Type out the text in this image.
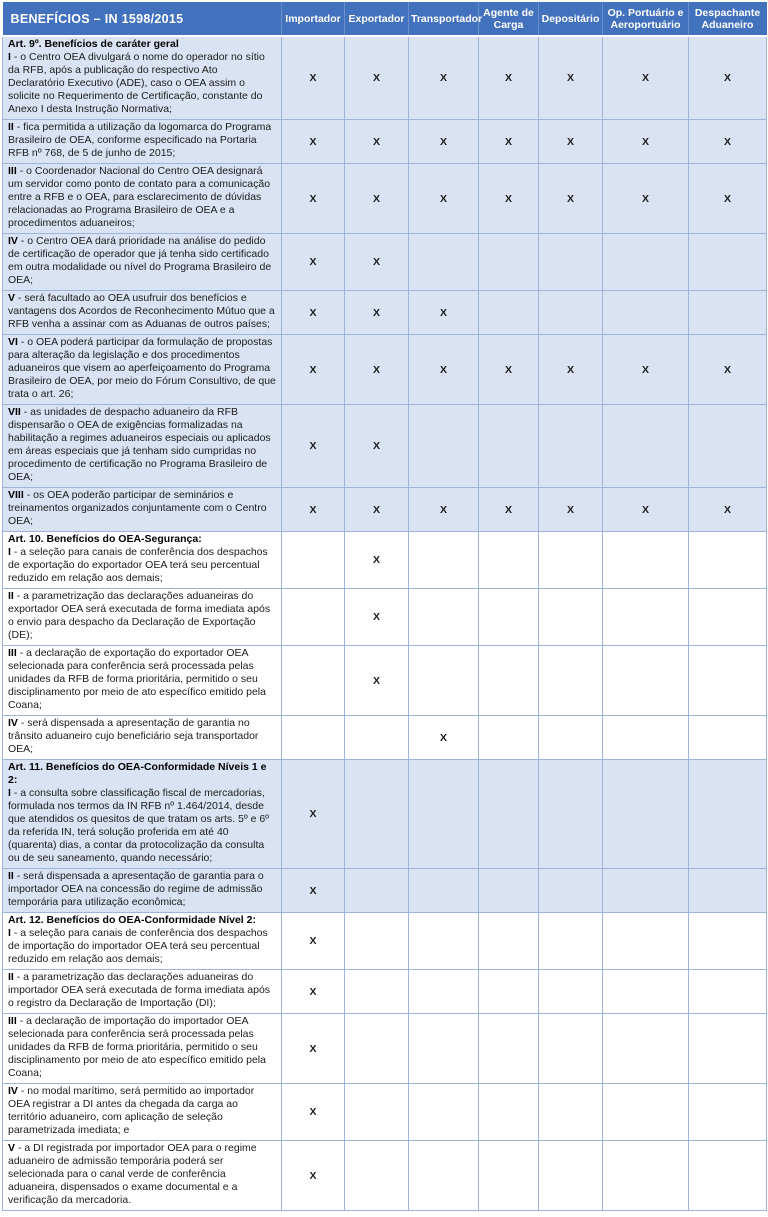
BENEFÍCIOS – IN 1598/2015	Importador	Exportador	Transportador	Agente de Carga	Depositário	Op. Portuário e Aeroportuário	Despachante Aduaneiro

Art. 9º. Benefícios de caráter geral
I - o Centro OEA divulgará o nome do operador no sítio da RFB, após a publicação do respectivo Ato Declaratório Executivo (ADE), caso o OEA assim o solicite no Requerimento de Certificação, constante do Anexo I desta Instrução Normativa;	X	X	X	X	X	X	X

II - fica permitida a utilização da logomarca do Programa Brasileiro de OEA, conforme especificado na Portaria RFB nº 768, de 5 de junho de 2015;	X	X	X	X	X	X	X

III - o Coordenador Nacional do Centro OEA designará um servidor como ponto de contato para a comunicação entre a RFB e o OEA, para esclarecimento de dúvidas relacionadas ao Programa Brasileiro de OEA e a procedimentos aduaneiros;	X	X	X	X	X	X	X

IV - o Centro OEA dará prioridade na análise do pedido de certificação de operador que já tenha sido certificado em outra modalidade ou nível do Programa Brasileiro de OEA;	X	X					

V - será facultado ao OEA usufruir dos benefícios e vantagens dos Acordos de Reconhecimento Mútuo que a RFB venha a assinar com as Aduanas de outros países;	X	X	X				

VI - o OEA poderá participar da formulação de propostas para alteração da legislação e dos procedimentos aduaneiros que visem ao aperfeiçoamento do Programa Brasileiro de OEA, por meio do Fórum Consultivo, de que trata o art. 26;	X	X	X	X	X	X	X

VII - as unidades de despacho aduaneiro da RFB dispensarão o OEA de exigências formalizadas na habilitação a regimes aduaneiros especiais ou aplicados em áreas especiais que já tenham sido cumpridas no procedimento de certificação no Programa Brasileiro de OEA;	X	X					

VIII - os OEA poderão participar de seminários e treinamentos organizados conjuntamente com o Centro OEA;	X	X	X	X	X	X	X

Art. 10. Benefícios do OEA-Segurança:
I - a seleção para canais de conferência dos despachos de exportação do exportador OEA terá seu percentual reduzido em relação aos demais;		X					

II - a parametrização das declarações aduaneiras do exportador OEA será executada de forma imediata após o envio para despacho da Declaração de Exportação (DE);		X					

III - a declaração de exportação do exportador OEA selecionada para conferência será processada pelas unidades da RFB de forma prioritária, permitido o seu disciplinamento por meio de ato específico emitido pela Coana;		X					

IV - será dispensada a apresentação de garantia no trânsito aduaneiro cujo beneficiário seja transportador OEA;			X				

Art. 11. Benefícios do OEA-Conformidade Níveis 1 e 2:
I - a consulta sobre classificação fiscal de mercadorias, formulada nos termos da IN RFB nº 1.464/2014, desde que atendidos os quesitos de que tratam os arts. 5º e 6º da referida IN, terá solução proferida em até 40 (quarenta) dias, a contar da protocolização da consulta ou de seu saneamento, quando necessário;	X						

II - será dispensada a apresentação de garantia para o importador OEA na concessão do regime de admissão temporária para utilização econômica;	X						

Art. 12. Benefícios do OEA-Conformidade Nível 2:
I - a seleção para canais de conferência dos despachos de importação do importador OEA terá seu percentual reduzido em relação aos demais;	X						

II - a parametrização das declarações aduaneiras do importador OEA será executada de forma imediata após o registro da Declaração de Importação (DI);	X						

III - a declaração de importação do importador OEA selecionada para conferência será processada pelas unidades da RFB de forma prioritária, permitido o seu disciplinamento por meio de ato específico emitido pela Coana;	X						

IV - no modal marítimo, será permitido ao importador OEA registrar a DI antes da chegada da carga ao território aduaneiro, com aplicação de seleção parametrizada imediata; e	X						

V - a DI registrada por importador OEA para o regime aduaneiro de admissão temporária poderá ser selecionada para o canal verde de conferência aduaneira, dispensados o exame documental e a verificação da mercadoria.	X						
